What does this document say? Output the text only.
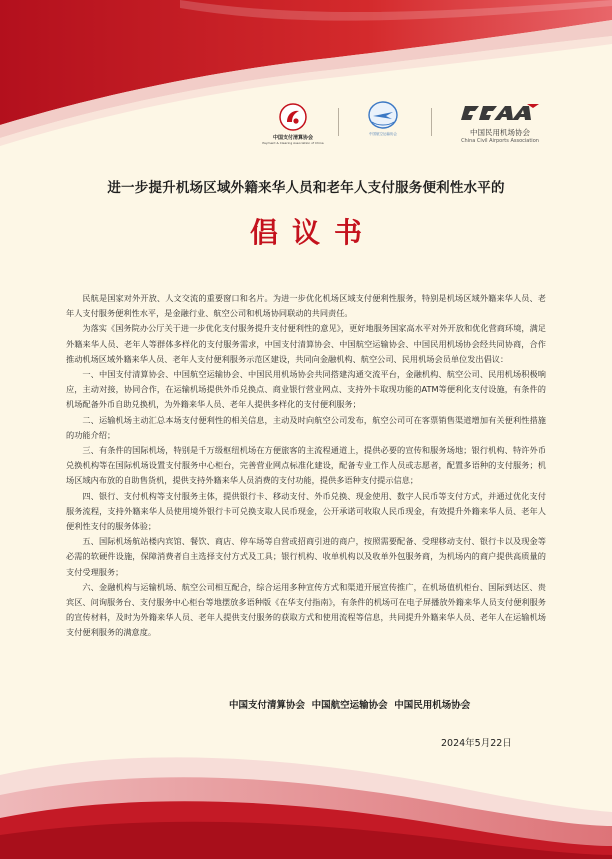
中国支付清算协会
Payment & Clearing Association of China
中国航空运输协会	中国民用机场协会
China Civil Airports Association
进一步提升机场区域外籍来华人员和老年人支付服务便利性水平的
倡议书

民航是国家对外开放、人文交流的重要窗口和名片。为进一步优化机场区域支付便利性服务，特别是机场区域外籍来华人员、老年人支付服务便利性水平，是金融行业、航空公司和机场协同联动的共同责任。

为落实《国务院办公厅关于进一步优化支付服务提升支付便利性的意见》，更好地服务国家高水平对外开放和优化营商环境，满足外籍来华人员、老年人等群体多样化的支付服务需求，中国支付清算协会、中国航空运输协会、中国民用机场协会经共同协商，合作推动机场区域外籍来华人员、老年人支付便利服务示范区建设，共同向金融机构、航空公司、民用机场会员单位发出倡议：

一、中国支付清算协会、中国航空运输协会、中国民用机场协会共同搭建沟通交流平台，金融机构、航空公司、民用机场积极响应，主动对接，协同合作，在运输机场提供外币兑换点、商业银行营业网点、支持外卡取现功能的ATM等便利化支付设施，有条件的机场配备外币自助兑换机，为外籍来华人员、老年人提供多样化的支付便利服务；

二、运输机场主动汇总本场支付便利性的相关信息，主动及时向航空公司发布，航空公司可在客票销售渠道增加有关便利性措施的功能介绍；

三、有条件的国际机场，特别是千万级枢纽机场在方便旅客的主流程通道上，提供必要的宣传和服务场地；银行机构、特许外币兑换机构等在国际机场设置支付服务中心柜台，完善营业网点标准化建设，配备专业工作人员或志愿者，配置多语种的支付服务；机场区域内布放的自助售货机，提供支持外籍来华人员消费的支付功能，提供多语种支付提示信息；

四、银行、支付机构等支付服务主体，提供银行卡、移动支付、外币兑换、现金使用、数字人民币等支付方式，并通过优化支付服务流程，支持外籍来华人员使用境外银行卡可兑换支取人民币现金，公开承诺可收取人民币现金，有效提升外籍来华人员、老年人便利性支付的服务体验；

五、国际机场航站楼内宾馆、餐饮、商店、停车场等自营或招商引进的商户，按照需要配备、受理移动支付、银行卡以及现金等必需的软硬件设施，保障消费者自主选择支付方式及工具；银行机构、收单机构以及收单外包服务商，为机场内的商户提供高质量的支付受理服务；

六、金融机构与运输机场、航空公司相互配合，综合运用多种宣传方式和渠道开展宣传推广，在机场值机柜台、国际到达区、贵宾区、问询服务台、支付服务中心柜台等地摆放多语种版《在华支付指南》，有条件的机场可在电子屏播放外籍来华人员支付便利服务的宣传材料，及时为外籍来华人员、老年人提供支付服务的获取方式和使用流程等信息，共同提升外籍来华人员、老年人在运输机场支付便利服务的满意度。

中国支付清算协会 中国航空运输协会 中国民用机场协会
2024年5月22日
